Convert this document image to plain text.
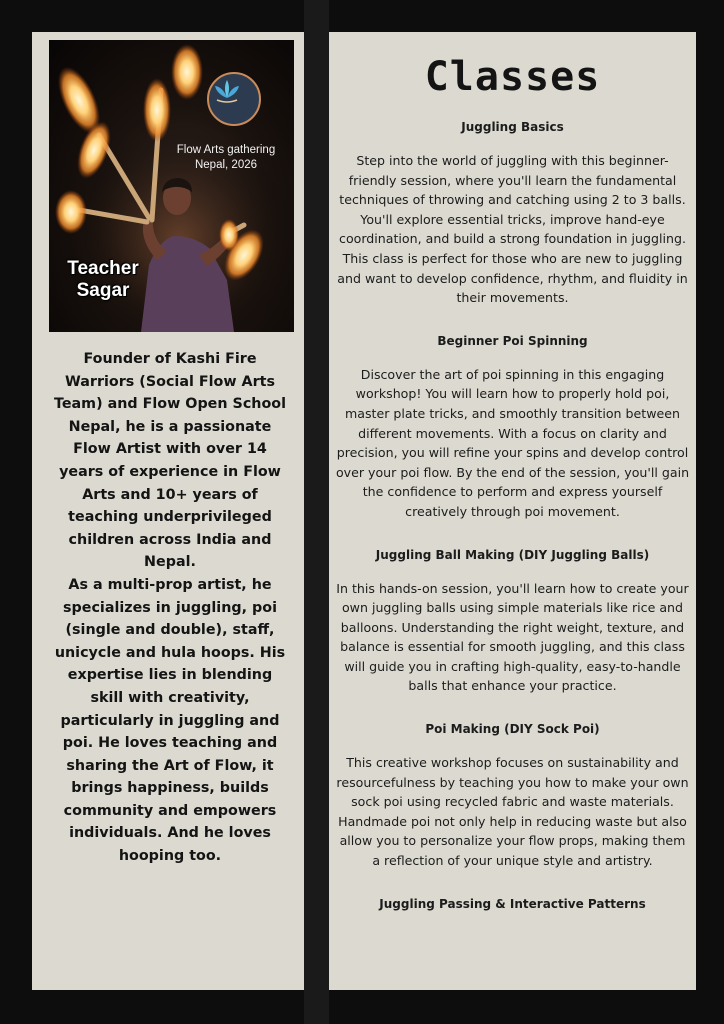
Flow Arts gathering
Nepal, 2026
Teacher
Sagar

Founder of Kashi Fire Warriors (Social Flow Arts Team) and Flow Open School Nepal, he is a passionate Flow Artist with over 14 years of experience in Flow Arts and 10+ years of teaching underprivileged children across India and Nepal.

As a multi-prop artist, he specializes in juggling, poi (single and double), staff, unicycle and hula hoops. His expertise lies in blending skill with creativity, particularly in juggling and poi. He loves teaching and sharing the Art of Flow, it brings happiness, builds community and empowers individuals. And he loves hooping too.

Classes
Juggling Basics

Step into the world of juggling with this beginner-friendly session, where you'll learn the fundamental techniques of throwing and catching using 2 to 3 balls. You'll explore essential tricks, improve hand-eye coordination, and build a strong foundation in juggling. This class is perfect for those who are new to juggling and want to develop confidence, rhythm, and fluidity in their movements.

Beginner Poi Spinning

Discover the art of poi spinning in this engaging workshop! You will learn how to properly hold poi, master plate tricks, and smoothly transition between different movements. With a focus on clarity and precision, you will refine your spins and develop control over your poi flow. By the end of the session, you'll gain the confidence to perform and express yourself creatively through poi movement.

Juggling Ball Making (DIY Juggling Balls)

In this hands-on session, you'll learn how to create your own juggling balls using simple materials like rice and balloons. Understanding the right weight, texture, and balance is essential for smooth juggling, and this class will guide you in crafting high-quality, easy-to-handle balls that enhance your practice.

Poi Making (DIY Sock Poi)

This creative workshop focuses on sustainability and resourcefulness by teaching you how to make your own sock poi using recycled fabric and waste materials. Handmade poi not only help in reducing waste but also allow you to personalize your flow props, making them a reflection of your unique style and artistry.

Juggling Passing & Interactive Patterns
